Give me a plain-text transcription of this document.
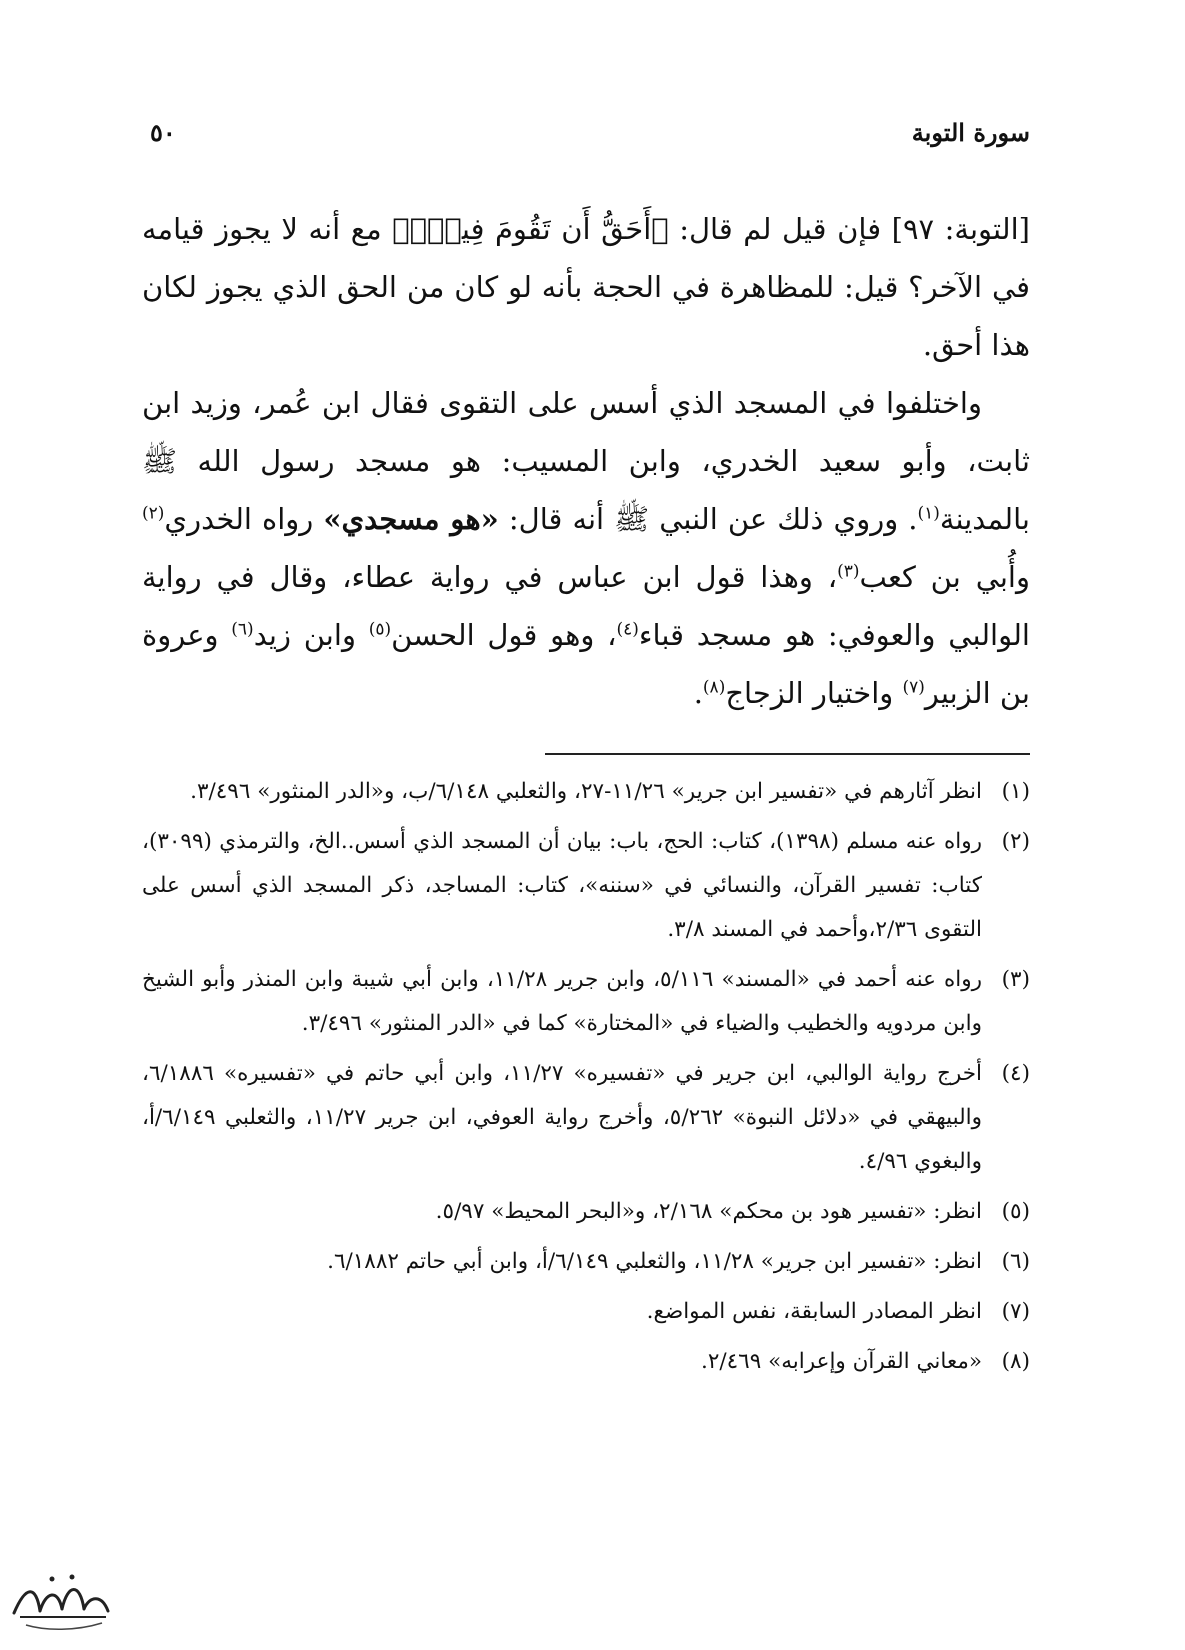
سورة التوبة
٥٠

[التوبة: ٩٧] فإن قيل لم قال: ﴿أَحَقُّ أَن تَقُومَ فِيهِۚ﴾ مع أنه لا يجوز قيامه في الآخر؟ قيل: للمظاهرة في الحجة بأنه لو كان من الحق الذي يجوز لكان هذا أحق.

واختلفوا في المسجد الذي أسس على التقوى فقال ابن عُمر، وزيد ابن ثابت، وأبو سعيد الخدري، وابن المسيب: هو مسجد رسول الله ﷺ بالمدينة$^{(١)}$. وروي ذلك عن النبي ﷺ أنه قال: «هو مسجدي» رواه الخدري$^{(٢)}$ وأُبي بن كعب$^{(٣)}$، وهذا قول ابن عباس في رواية عطاء، وقال في رواية الوالبي والعوفي: هو مسجد قباء$^{(٤)}$، وهو قول الحسن$^{(٥)}$ وابن زيد$^{(٦)}$ وعروة بن الزبير$^{(٧)}$ واختيار الزجاج$^{(٨)}$.

(١)
انظر آثارهم في «تفسير ابن جرير» ١١/٢٦-٢٧، والثعلبي ٦/١٤٨/ب، و«الدر المنثور» ٣/٤٩٦.
(٢)
رواه عنه مسلم (١٣٩٨)، كتاب: الحج، باب: بيان أن المسجد الذي أسس..الخ، والترمذي (٣٠٩٩)، كتاب: تفسير القرآن، والنسائي في «سننه»، كتاب: المساجد، ذكر المسجد الذي أسس على التقوى ٢/٣٦،وأحمد في المسند ٣/٨.
(٣)
رواه عنه أحمد في «المسند» ٥/١١٦، وابن جرير ١١/٢٨، وابن أبي شيبة وابن المنذر وأبو الشيخ وابن مردويه والخطيب والضياء في «المختارة» كما في «الدر المنثور» ٣/٤٩٦.
(٤)
أخرج رواية الوالبي، ابن جرير في «تفسيره» ١١/٢٧، وابن أبي حاتم في «تفسيره» ٦/١٨٨٦، والبيهقي في «دلائل النبوة» ٥/٢٦٢، وأخرج رواية العوفي، ابن جرير ١١/٢٧، والثعلبي ٦/١٤٩/أ، والبغوي ٤/٩٦.
(٥)
انظر: «تفسير هود بن محكم» ٢/١٦٨، و«البحر المحيط» ٥/٩٧.
(٦)
انظر: «تفسير ابن جرير» ١١/٢٨، والثعلبي ٦/١٤٩/أ، وابن أبي حاتم ٦/١٨٨٢.
(٧)
انظر المصادر السابقة، نفس المواضع.
(٨)
«معاني القرآن وإعرابه» ٢/٤٦٩.
